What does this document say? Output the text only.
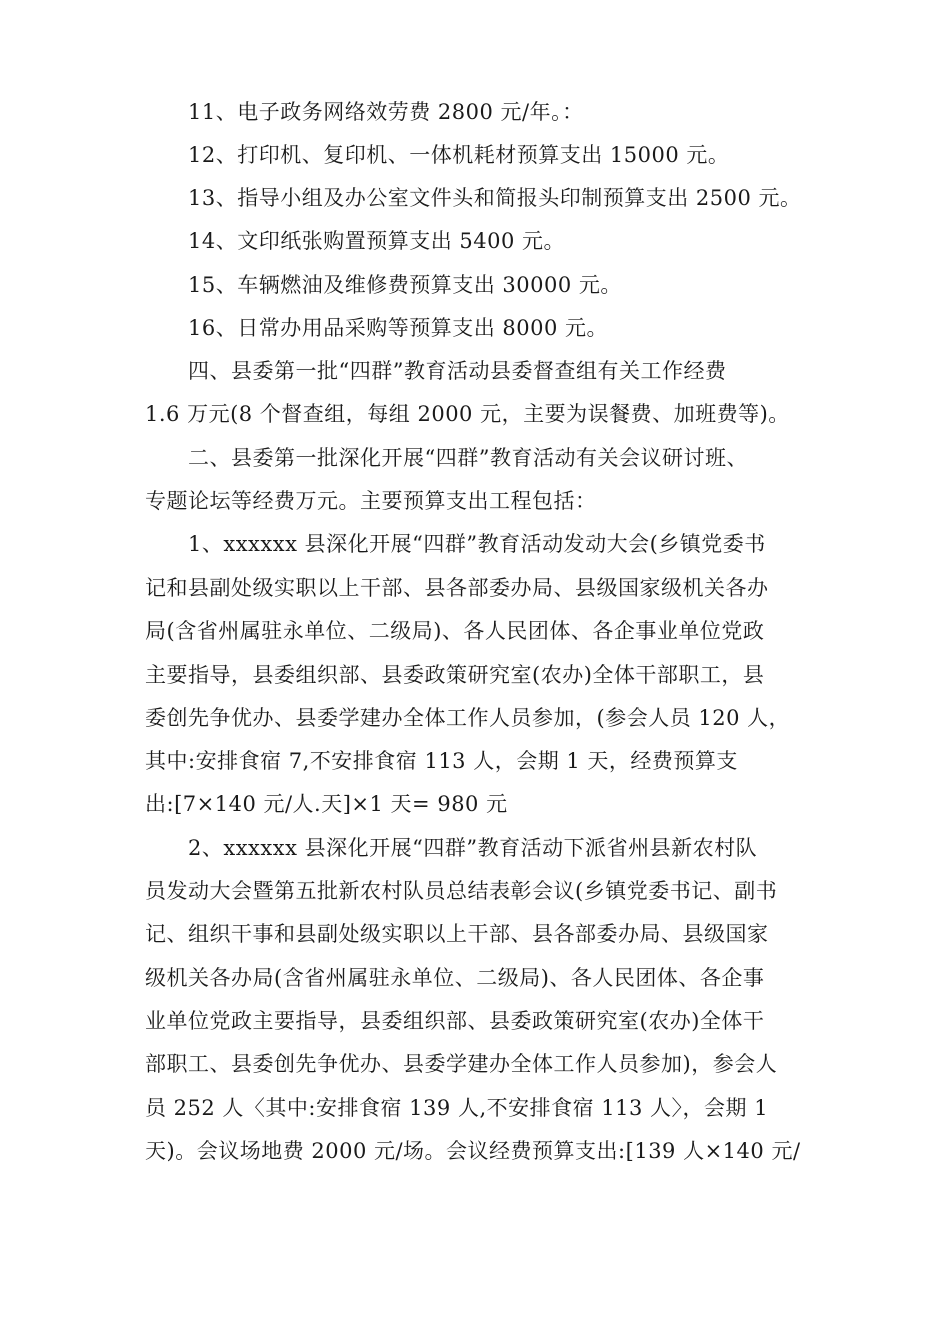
11、电子政务网络效劳费 2800 元/年。：
12、打印机、复印机、一体机耗材预算支出 15000 元。
13、指导小组及办公室文件头和简报头印制预算支出 2500 元。
14、文印纸张购置预算支出 5400 元。
15、车辆燃油及维修费预算支出 30000 元。
16、日常办用品采购等预算支出 8000 元。
四、县委第一批“四群”教育活动县委督查组有关工作经费
1.6 万元(8 个督查组，每组 2000 元，主要为误餐费、加班费等)。
二、县委第一批深化开展“四群”教育活动有关会议研讨班、
专题论坛等经费万元。主要预算支出工程包括：
1、xxxxxx 县深化开展“四群”教育活动发动大会(乡镇党委书
记和县副处级实职以上干部、县各部委办局、县级国家级机关各办
局(含省州属驻永单位、二级局)、各人民团体、各企事业单位党政
主要指导，县委组织部、县委政策研究室(农办)全体干部职工，县
委创先争优办、县委学建办全体工作人员参加，(参会人员 120 人，
其中:安排食宿 7,不安排食宿 113 人，会期 1 天，经费预算支
出:[7×140 元/人.天]×1 天= 980 元
2、xxxxxx 县深化开展“四群”教育活动下派省州县新农村队
员发动大会暨第五批新农村队员总结表彰会议(乡镇党委书记、副书
记、组织干事和县副处级实职以上干部、县各部委办局、县级国家
级机关各办局(含省州属驻永单位、二级局)、各人民团体、各企事
业单位党政主要指导，县委组织部、县委政策研究室(农办)全体干
部职工、县委创先争优办、县委学建办全体工作人员参加)，参会人
员 252 人〈其中:安排食宿 139 人,不安排食宿 113 人〉，会期 1
天)。会议场地费 2000 元/场。会议经费预算支出:[139 人×140 元/
